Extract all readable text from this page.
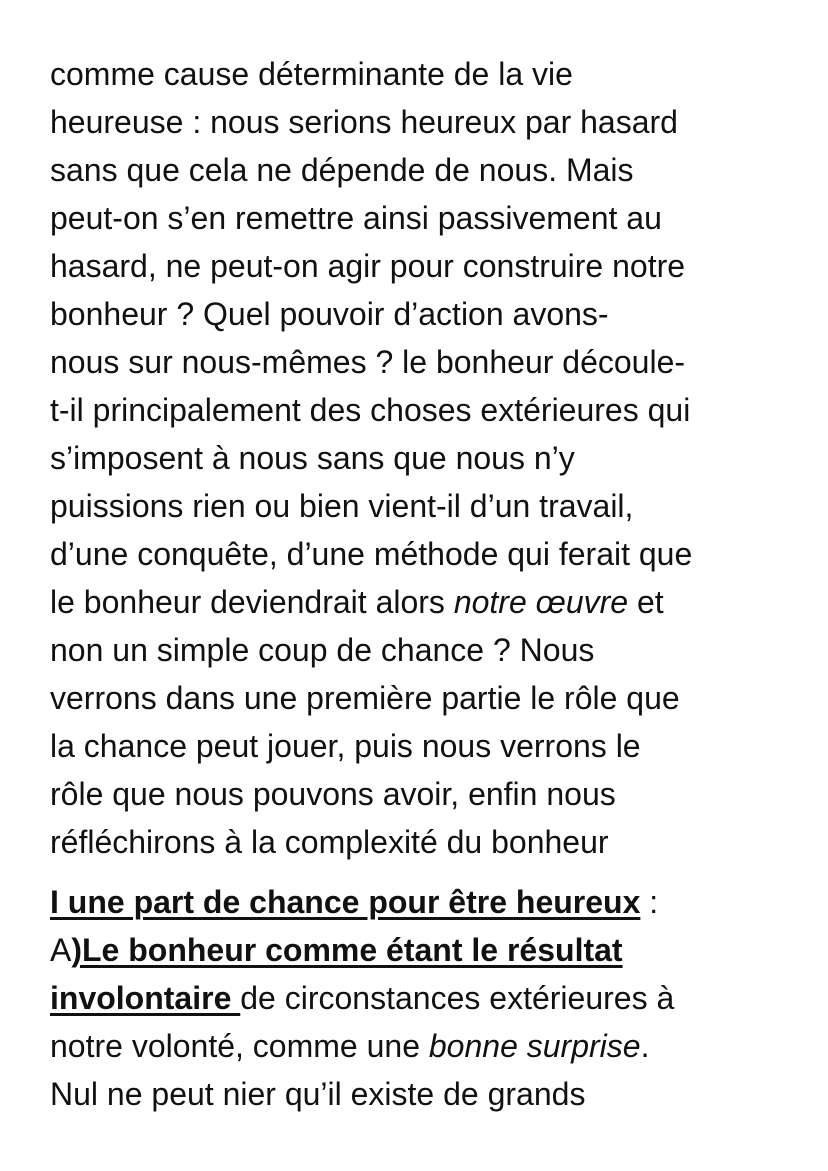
comme cause déterminante de la vie
heureuse : nous serions heureux par hasard
sans que cela ne dépende de nous. Mais
peut-on s’en remettre ainsi passivement au
hasard, ne peut-on agir pour construire notre
bonheur ? Quel pouvoir d’action avons-
nous sur nous-mêmes ? le bonheur découle-
t-il principalement des choses extérieures qui
s’imposent à nous sans que nous n’y
puissions rien ou bien vient-il d’un travail,
d’une conquête, d’une méthode qui ferait que
le bonheur deviendrait alors notre œuvre et
non un simple coup de chance ? Nous
verrons dans une première partie le rôle que
la chance peut jouer, puis nous verrons le
rôle que nous pouvons avoir, enfin nous
réfléchirons à la complexité du bonheur
I une part de chance pour être heureux :
A)Le bonheur comme étant le résultat
involontaire de circonstances extérieures à
notre volonté, comme une bonne surprise.
Nul ne peut nier qu’il existe de grands
